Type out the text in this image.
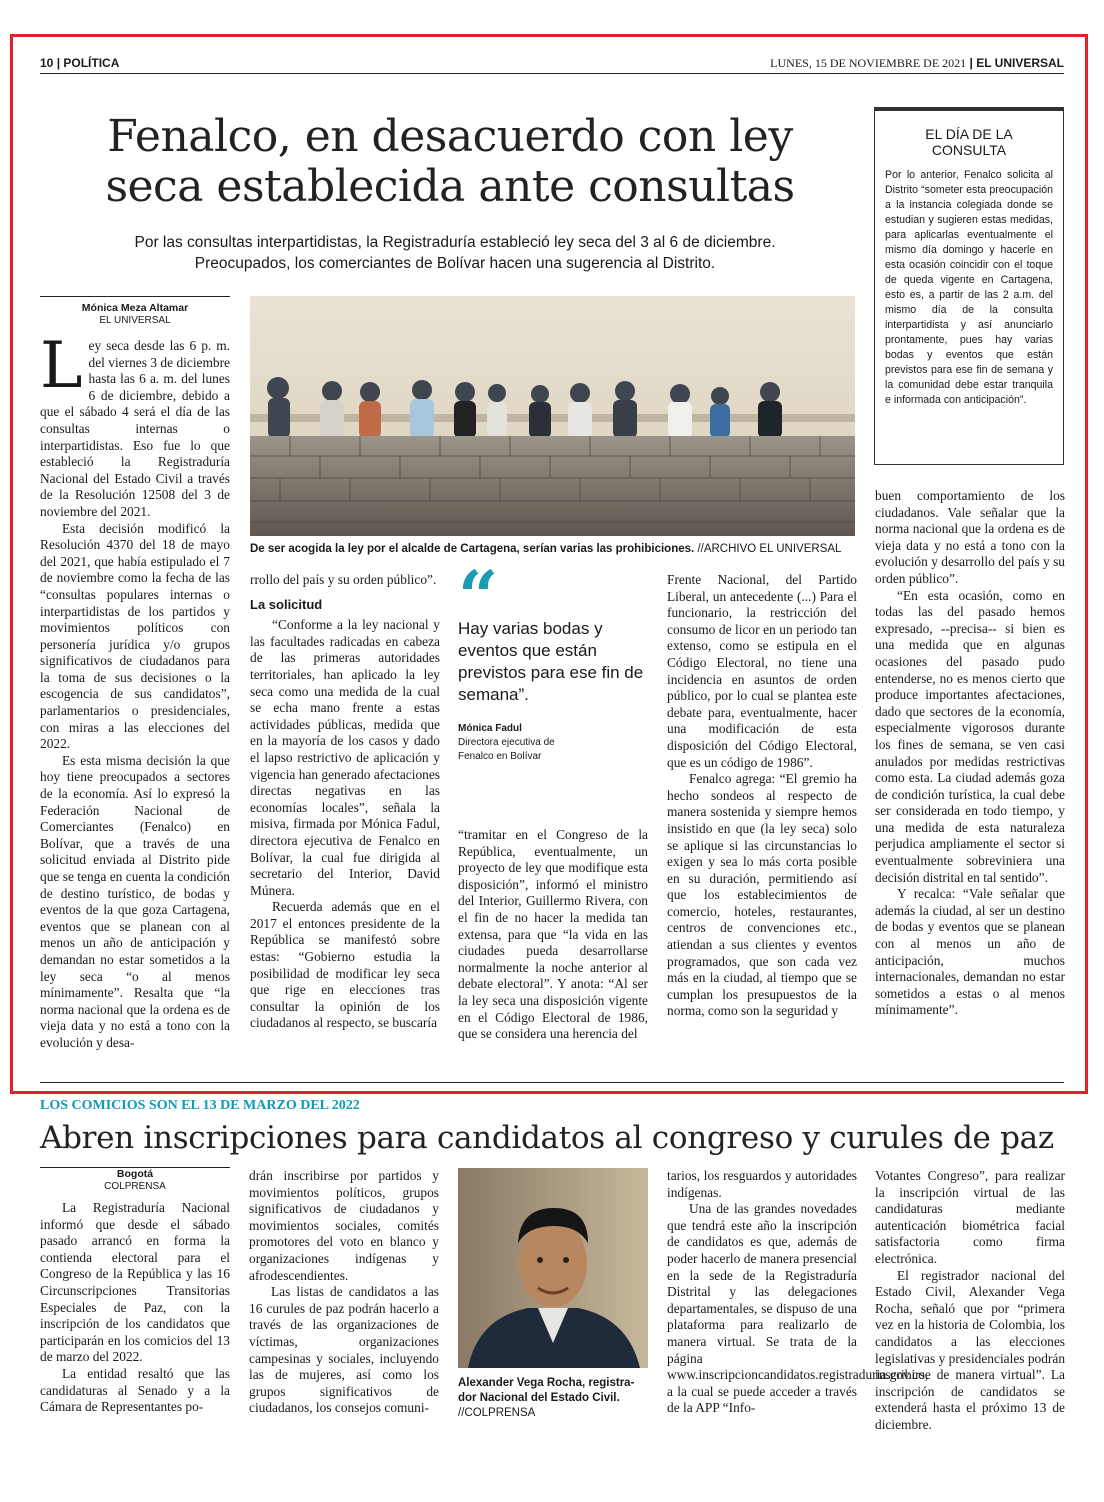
10 | POLÍTICA	LUNES, 15 DE NOVIEMBRE DE 2021 | EL UNIVERSAL
Fenalco, en desacuerdo con ley
seca establecida ante consultas
Por las consultas interpartidistas, la Registraduría estableció ley seca del 3 al 6 de diciembre.
Preocupados, los comerciantes de Bolívar hacen una sugerencia al Distrito.
Mónica Meza Altamar
EL UNIVERSAL

Ley seca desde las 6 p. m. del viernes 3 de diciembre hasta las 6 a. m. del lunes 6 de diciembre, debido a que el sábado 4 será el día de las consultas internas o interpartidistas. Eso fue lo que estableció la Registraduría Nacional del Estado Civil a través de la Resolución 12508 del 3 de noviembre del 2021.

Esta decisión modificó la Resolución 4370 del 18 de mayo del 2021, que había estipulado el 7 de noviembre como la fecha de las “consultas populares internas o interpartidistas de los partidos y movimientos políticos con personería jurídica y/o grupos significativos de ciudadanos para la toma de sus decisiones o la escogencia de sus candidatos”, parlamentarios o presidenciales, con miras a las elecciones del 2022.

Es esta misma decisión la que hoy tiene preocupados a sectores de la economía. Así lo expresó la Federación Nacional de Comerciantes (Fenalco) en Bolívar, que a través de una solicitud enviada al Distrito pide que se tenga en cuenta la condición de destino turístico, de bodas y eventos de la que goza Cartagena, eventos que se planean con al menos un año de anticipación y demandan no estar sometidos a la ley seca “o al menos mínimamente”. Resalta que “la norma nacional que la ordena es de vieja data y no está a tono con la evolución y desa-

De ser acogida la ley por el alcalde de Cartagena, serían varias las prohibiciones. //ARCHIVO EL UNIVERSAL

rrollo del país y su orden público”.

La solicitud

“Conforme a la ley nacional y las facultades radicadas en cabeza de las primeras autoridades territoriales, han aplicado la ley seca como una medida de la cual se echa mano frente a estas actividades públicas, medida que en la mayoría de los casos y dado el lapso restrictivo de aplicación y vigencia han generado afectaciones directas negativas en las economías locales”, señala la misiva, firmada por Mónica Fadul, directora ejecutiva de Fenalco en Bolívar, la cual fue dirigida al secretario del Interior, David Múnera.

Recuerda además que en el 2017 el entonces presidente de la República se manifestó sobre estas: “Gobierno estudia la posibilidad de modificar ley seca que rige en elecciones tras consultar la opinión de los ciudadanos al respecto, se buscaría

“
Hay varias bodas y eventos que están previstos para ese fin de semana”.
Mónica Fadul
Directora ejecutiva de
Fenalco en Bolívar

“tramitar en el Congreso de la República, eventualmente, un proyecto de ley que modifique esta disposición”, informó el ministro del Interior, Guillermo Rivera, con el fin de no hacer la medida tan extensa, para que “la vida en las ciudades pueda desarrollarse normalmente la noche anterior al debate electoral”. Y anota: “Al ser la ley seca una disposición vigente en el Código Electoral de 1986, que se considera una herencia del

Frente Nacional, del Partido Liberal, un antecedente (...) Para el funcionario, la restricción del consumo de licor en un periodo tan extenso, como se estipula en el Código Electoral, no tiene una incidencia en asuntos de orden público, por lo cual se plantea este debate para, eventualmente, hacer una modificación de esta disposición del Código Electoral, que es un código de 1986”.

Fenalco agrega: “El gremio ha hecho sondeos al respecto de manera sostenida y siempre hemos insistido en que (la ley seca) solo se aplique si las circunstancias lo exigen y sea lo más corta posible en su duración, permitiendo así que los establecimientos de comercio, hoteles, restaurantes, centros de convenciones etc., atiendan a sus clientes y eventos programados, que son cada vez más en la ciudad, al tiempo que se cumplan los presupuestos de la norma, como son la seguridad y

EL DÍA DE LA
CONSULTA
Por lo anterior, Fenalco solicita al Distrito “someter esta preocupación a la instancia colegiada donde se estudian y sugieren estas medidas, para aplicarlas eventualmente el mismo día domingo y hacerle en esta ocasión coincidir con el toque de queda vigente en Cartagena, esto es, a partir de las 2 a.m. del mismo día de la consulta interpartidista y así anunciarlo prontamente, pues hay varias bodas y eventos que están previstos para ese fin de semana y la comunidad debe estar tranquila e informada con anticipación”.

buen comportamiento de los ciudadanos. Vale señalar que la norma nacional que la ordena es de vieja data y no está a tono con la evolución y desarrollo del país y su orden público”.

“En esta ocasión, como en todas las del pasado hemos expresado, --precisa-- si bien es una medida que en algunas ocasiones del pasado pudo entenderse, no es menos cierto que produce importantes afectaciones, dado que sectores de la economía, especialmente vigorosos durante los fines de semana, se ven casi anulados por medidas restrictivas como esta. La ciudad además goza de condición turística, la cual debe ser considerada en todo tiempo, y una medida de esta naturaleza perjudica ampliamente el sector si eventualmente sobreviniera una decisión distrital en tal sentido”.

Y recalca: “Vale señalar que además la ciudad, al ser un destino de bodas y eventos que se planean con al menos un año de anticipación, muchos internacionales, demandan no estar sometidos a estas o al menos mínimamente”.

LOS COMICIOS SON EL 13 DE MARZO DEL 2022
Abren inscripciones para candidatos al congreso y curules de paz
Bogotá
COLPRENSA

La Registraduría Nacional informó que desde el sábado pasado arrancó en forma la contienda electoral para el Congreso de la República y las 16 Circunscripciones Transitorias Especiales de Paz, con la inscripción de los candidatos que participarán en los comicios del 13 de marzo del 2022.

La entidad resaltó que las candidaturas al Senado y a la Cámara de Representantes po-

drán inscribirse por partidos y movimientos políticos, grupos significativos de ciudadanos y movimientos sociales, comités promotores del voto en blanco y organizaciones indígenas y afrodescendientes.

Las listas de candidatos a las 16 curules de paz podrán hacerlo a través de las organizaciones de víctimas, organizaciones campesinas y sociales, incluyendo las de mujeres, así como los grupos significativos de ciudadanos, los consejos comuni-

Alexander Vega Rocha, registra-
dor Nacional del Estado Civil.
//COLPRENSA

tarios, los resguardos y autoridades indígenas.

Una de las grandes novedades que tendrá este año la inscripción de candidatos es que, además de poder hacerlo de manera presencial en la sede de la Registraduría Distrital y las delegaciones departamentales, se dispuso de una plataforma para realizarlo de manera virtual. Se trata de la página www.inscripcioncandidatos.registraduria.gov.co, a la cual se puede acceder a través de la APP “Info-

Votantes Congreso”, para realizar la inscripción virtual de las candidaturas mediante autenticación biométrica facial satisfactoria como firma electrónica.

El registrador nacional del Estado Civil, Alexander Vega Rocha, señaló que por “primera vez en la historia de Colombia, los candidatos a las elecciones legislativas y presidenciales podrán inscribirse de manera virtual”. La inscripción de candidatos se extenderá hasta el próximo 13 de diciembre.
